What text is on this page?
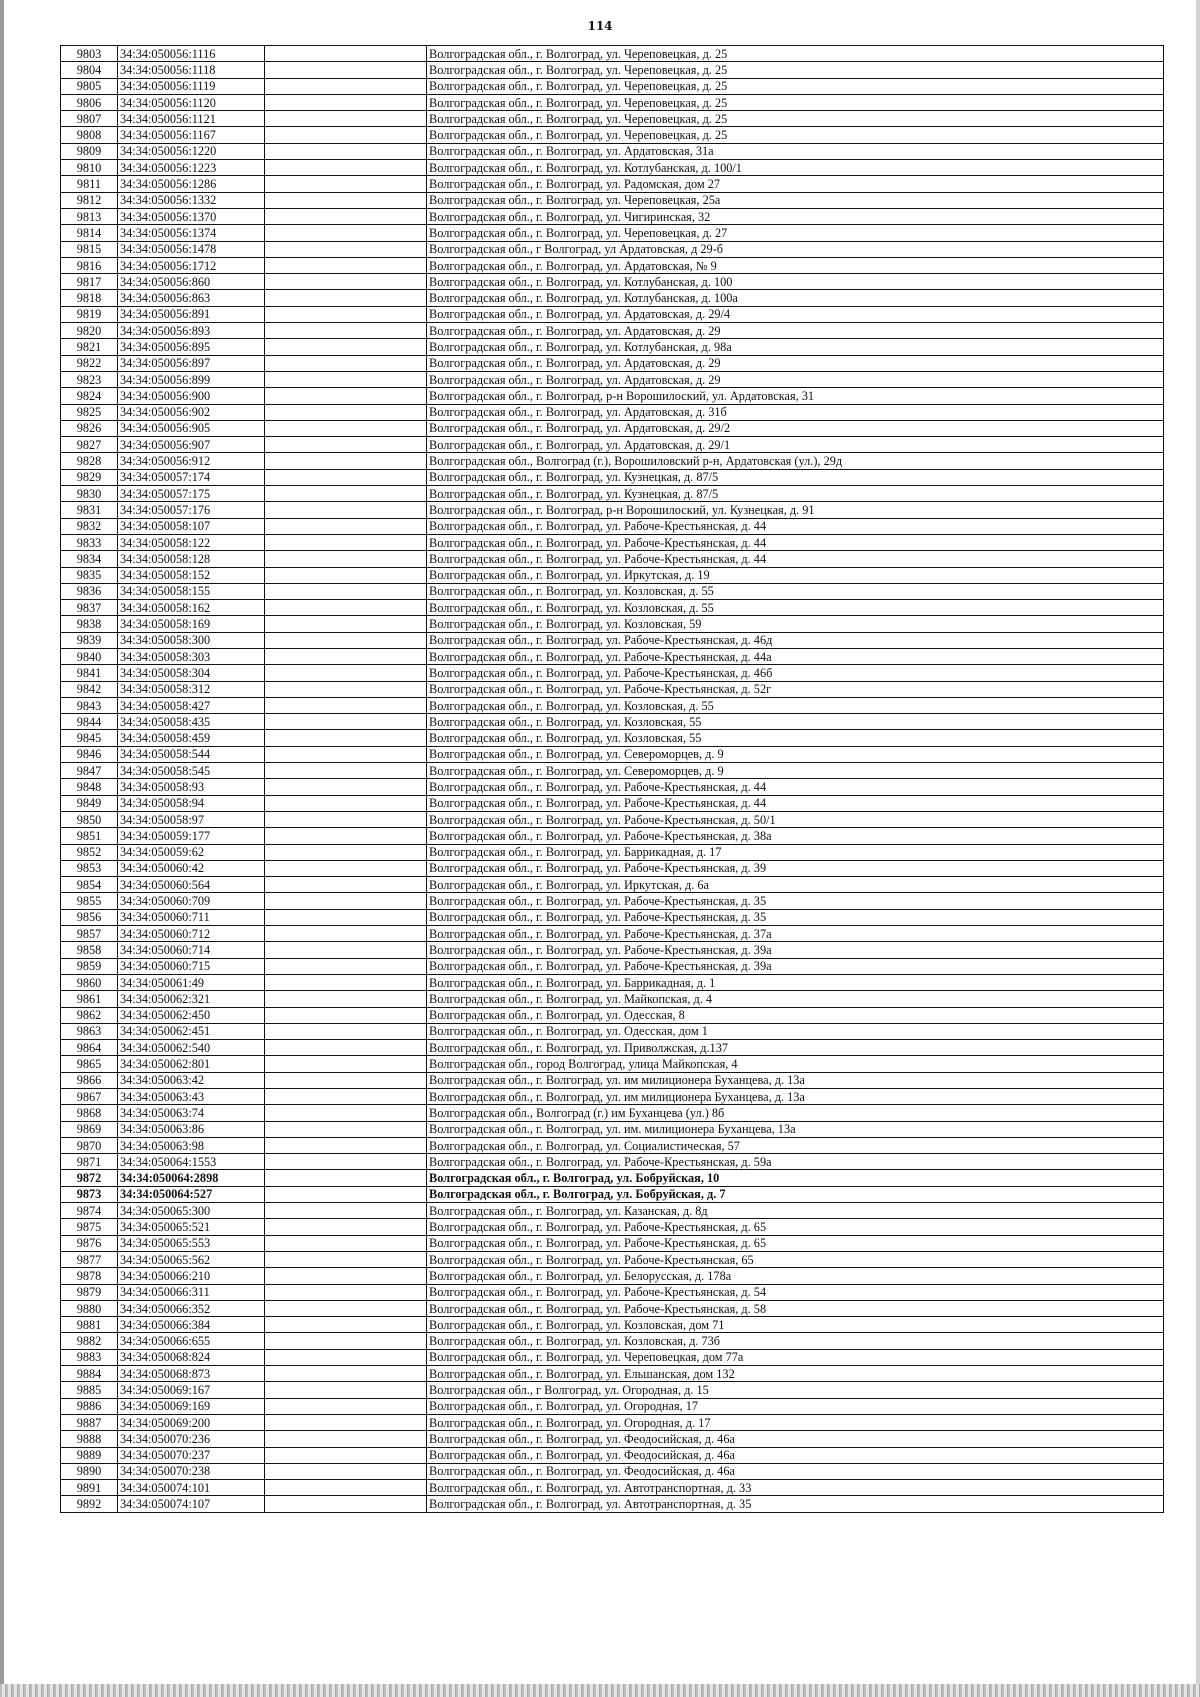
114
9803	34:34:050056:1116		Волгоградская обл., г. Волгоград, ул. Череповецкая, д. 25
9804	34:34:050056:1118		Волгоградская обл., г. Волгоград, ул. Череповецкая, д. 25
9805	34:34:050056:1119		Волгоградская обл., г. Волгоград, ул. Череповецкая, д. 25
9806	34:34:050056:1120		Волгоградская обл., г. Волгоград, ул. Череповецкая, д. 25
9807	34:34:050056:1121		Волгоградская обл., г. Волгоград, ул. Череповецкая, д. 25
9808	34:34:050056:1167		Волгоградская обл., г. Волгоград, ул. Череповецкая, д. 25
9809	34:34:050056:1220		Волгоградская обл., г. Волгоград, ул. Ардатовская, 31а
9810	34:34:050056:1223		Волгоградская обл., г. Волгоград, ул. Котлубанская, д. 100/1
9811	34:34:050056:1286		Волгоградская обл., г. Волгоград, ул. Радомская, дом 27
9812	34:34:050056:1332		Волгоградская обл., г. Волгоград, ул. Череповецкая, 25а
9813	34:34:050056:1370		Волгоградская обл., г. Волгоград, ул. Чигиринская, 32
9814	34:34:050056:1374		Волгоградская обл., г. Волгоград, ул. Череповецкая, д. 27
9815	34:34:050056:1478		Волгоградская обл., г Волгоград, ул Ардатовская, д 29-б
9816	34:34:050056:1712		Волгоградская обл., г. Волгоград, ул. Ардатовская, № 9
9817	34:34:050056:860		Волгоградская обл., г. Волгоград, ул. Котлубанская, д. 100
9818	34:34:050056:863		Волгоградская обл., г. Волгоград, ул. Котлубанская, д. 100а
9819	34:34:050056:891		Волгоградская обл., г. Волгоград, ул. Ардатовская, д. 29/4
9820	34:34:050056:893		Волгоградская обл., г. Волгоград, ул. Ардатовская, д. 29
9821	34:34:050056:895		Волгоградская обл., г. Волгоград, ул. Котлубанская, д. 98а
9822	34:34:050056:897		Волгоградская обл., г. Волгоград, ул. Ардатовская, д. 29
9823	34:34:050056:899		Волгоградская обл., г. Волгоград, ул. Ардатовская, д. 29
9824	34:34:050056:900		Волгоградская обл., г. Волгоград, р-н Ворошилоский, ул. Ардатовская, 31
9825	34:34:050056:902		Волгоградская обл., г. Волгоград, ул. Ардатовская, д. 31б
9826	34:34:050056:905		Волгоградская обл., г. Волгоград, ул. Ардатовская, д. 29/2
9827	34:34:050056:907		Волгоградская обл., г. Волгоград, ул. Ардатовская, д. 29/1
9828	34:34:050056:912		Волгоградская обл., Волгоград (г.), Ворошиловский р-н, Ардатовская (ул.), 29д
9829	34:34:050057:174		Волгоградская обл., г. Волгоград, ул. Кузнецкая, д. 87/5
9830	34:34:050057:175		Волгоградская обл., г. Волгоград, ул. Кузнецкая, д. 87/5
9831	34:34:050057:176		Волгоградская обл., г. Волгоград, р-н Ворошилоский, ул. Кузнецкая, д. 91
9832	34:34:050058:107		Волгоградская обл., г. Волгоград, ул. Рабоче-Крестьянская, д. 44
9833	34:34:050058:122		Волгоградская обл., г. Волгоград, ул. Рабоче-Крестьянская, д. 44
9834	34:34:050058:128		Волгоградская обл., г. Волгоград, ул. Рабоче-Крестьянская, д. 44
9835	34:34:050058:152		Волгоградская обл., г. Волгоград, ул. Иркутская, д. 19
9836	34:34:050058:155		Волгоградская обл., г. Волгоград, ул. Козловская, д. 55
9837	34:34:050058:162		Волгоградская обл., г. Волгоград, ул. Козловская, д. 55
9838	34:34:050058:169		Волгоградская обл., г. Волгоград, ул. Козловская, 59
9839	34:34:050058:300		Волгоградская обл., г. Волгоград, ул. Рабоче-Крестьянская, д. 46д
9840	34:34:050058:303		Волгоградская обл., г. Волгоград, ул. Рабоче-Крестьянская, д. 44а
9841	34:34:050058:304		Волгоградская обл., г. Волгоград, ул. Рабоче-Крестьянская, д. 46б
9842	34:34:050058:312		Волгоградская обл., г. Волгоград, ул. Рабоче-Крестьянская, д. 52г
9843	34:34:050058:427		Волгоградская обл., г. Волгоград, ул. Козловская, д. 55
9844	34:34:050058:435		Волгоградская обл., г. Волгоград, ул. Козловская, 55
9845	34:34:050058:459		Волгоградская обл., г. Волгоград, ул. Козловская, 55
9846	34:34:050058:544		Волгоградская обл., г. Волгоград, ул. Североморцев, д. 9
9847	34:34:050058:545		Волгоградская обл., г. Волгоград, ул. Североморцев, д. 9
9848	34:34:050058:93		Волгоградская обл., г. Волгоград, ул. Рабоче-Крестьянская, д. 44
9849	34:34:050058:94		Волгоградская обл., г. Волгоград, ул. Рабоче-Крестьянская, д. 44
9850	34:34:050058:97		Волгоградская обл., г. Волгоград, ул. Рабоче-Крестьянская, д. 50/1
9851	34:34:050059:177		Волгоградская обл., г. Волгоград, ул. Рабоче-Крестьянская, д. 38а
9852	34:34:050059:62		Волгоградская обл., г. Волгоград, ул. Баррикадная, д. 17
9853	34:34:050060:42		Волгоградская обл., г. Волгоград, ул. Рабоче-Крестьянская, д. 39
9854	34:34:050060:564		Волгоградская обл., г. Волгоград, ул. Иркутская, д. 6а
9855	34:34:050060:709		Волгоградская обл., г. Волгоград, ул. Рабоче-Крестьянская, д. 35
9856	34:34:050060:711		Волгоградская обл., г. Волгоград, ул. Рабоче-Крестьянская, д. 35
9857	34:34:050060:712		Волгоградская обл., г. Волгоград, ул. Рабоче-Крестьянская, д. 37а
9858	34:34:050060:714		Волгоградская обл., г. Волгоград, ул. Рабоче-Крестьянская, д. 39а
9859	34:34:050060:715		Волгоградская обл., г. Волгоград, ул. Рабоче-Крестьянская, д. 39а
9860	34:34:050061:49		Волгоградская обл., г. Волгоград, ул. Баррикадная, д. 1
9861	34:34:050062:321		Волгоградская обл., г. Волгоград, ул. Майкопская, д. 4
9862	34:34:050062:450		Волгоградская обл., г. Волгоград, ул. Одесская, 8
9863	34:34:050062:451		Волгоградская обл., г. Волгоград, ул. Одесская, дом 1
9864	34:34:050062:540		Волгоградская обл., г. Волгоград, ул. Приволжская, д.137
9865	34:34:050062:801		Волгоградская обл., город Волгоград, улица Майкопская, 4
9866	34:34:050063:42		Волгоградская обл., г. Волгоград, ул. им милиционера Буханцева, д. 13а
9867	34:34:050063:43		Волгоградская обл., г. Волгоград, ул. им милиционера Буханцева, д. 13а
9868	34:34:050063:74		Волгоградская обл., Волгоград (г.) им Буханцева (ул.) 8б
9869	34:34:050063:86		Волгоградская обл., г. Волгоград, ул. им. милиционера Буханцева, 13а
9870	34:34:050063:98		Волгоградская обл., г. Волгоград, ул. Социалистическая, 57
9871	34:34:050064:1553		Волгоградская обл., г. Волгоград, ул. Рабоче-Крестьянская, д. 59а
9872	34:34:050064:2898		Волгоградская обл., г. Волгоград, ул. Бобруйская, 10
9873	34:34:050064:527		Волгоградская обл., г. Волгоград, ул. Бобруйская, д. 7
9874	34:34:050065:300		Волгоградская обл., г. Волгоград, ул. Казанская, д. 8д
9875	34:34:050065:521		Волгоградская обл., г. Волгоград, ул. Рабоче-Крестьянская, д. 65
9876	34:34:050065:553		Волгоградская обл., г. Волгоград, ул. Рабоче-Крестьянская, д. 65
9877	34:34:050065:562		Волгоградская обл., г. Волгоград, ул. Рабоче-Крестьянская, 65
9878	34:34:050066:210		Волгоградская обл., г. Волгоград, ул. Белорусская, д. 178а
9879	34:34:050066:311		Волгоградская обл., г. Волгоград, ул. Рабоче-Крестьянская, д. 54
9880	34:34:050066:352		Волгоградская обл., г. Волгоград, ул. Рабоче-Крестьянская, д. 58
9881	34:34:050066:384		Волгоградская обл., г. Волгоград, ул. Козловская, дом 71
9882	34:34:050066:655		Волгоградская обл., г. Волгоград, ул. Козловская, д. 73б
9883	34:34:050068:824		Волгоградская обл., г. Волгоград, ул. Череповецкая, дом 77а
9884	34:34:050068:873		Волгоградская обл., г. Волгоград, ул. Ельшанская, дом 132
9885	34:34:050069:167		Волгоградская обл., г Волгоград, ул. Огородная, д. 15
9886	34:34:050069:169		Волгоградская обл., г. Волгоград, ул. Огородная, 17
9887	34:34:050069:200		Волгоградская обл., г. Волгоград, ул. Огородная, д. 17
9888	34:34:050070:236		Волгоградская обл., г. Волгоград, ул. Феодосийская, д. 46а
9889	34:34:050070:237		Волгоградская обл., г. Волгоград, ул. Феодосийская, д. 46а
9890	34:34:050070:238		Волгоградская обл., г. Волгоград, ул. Феодосийская, д. 46а
9891	34:34:050074:101		Волгоградская обл., г. Волгоград, ул. Автотранспортная, д. 33
9892	34:34:050074:107		Волгоградская обл., г. Волгоград, ул. Автотранспортная, д. 35
